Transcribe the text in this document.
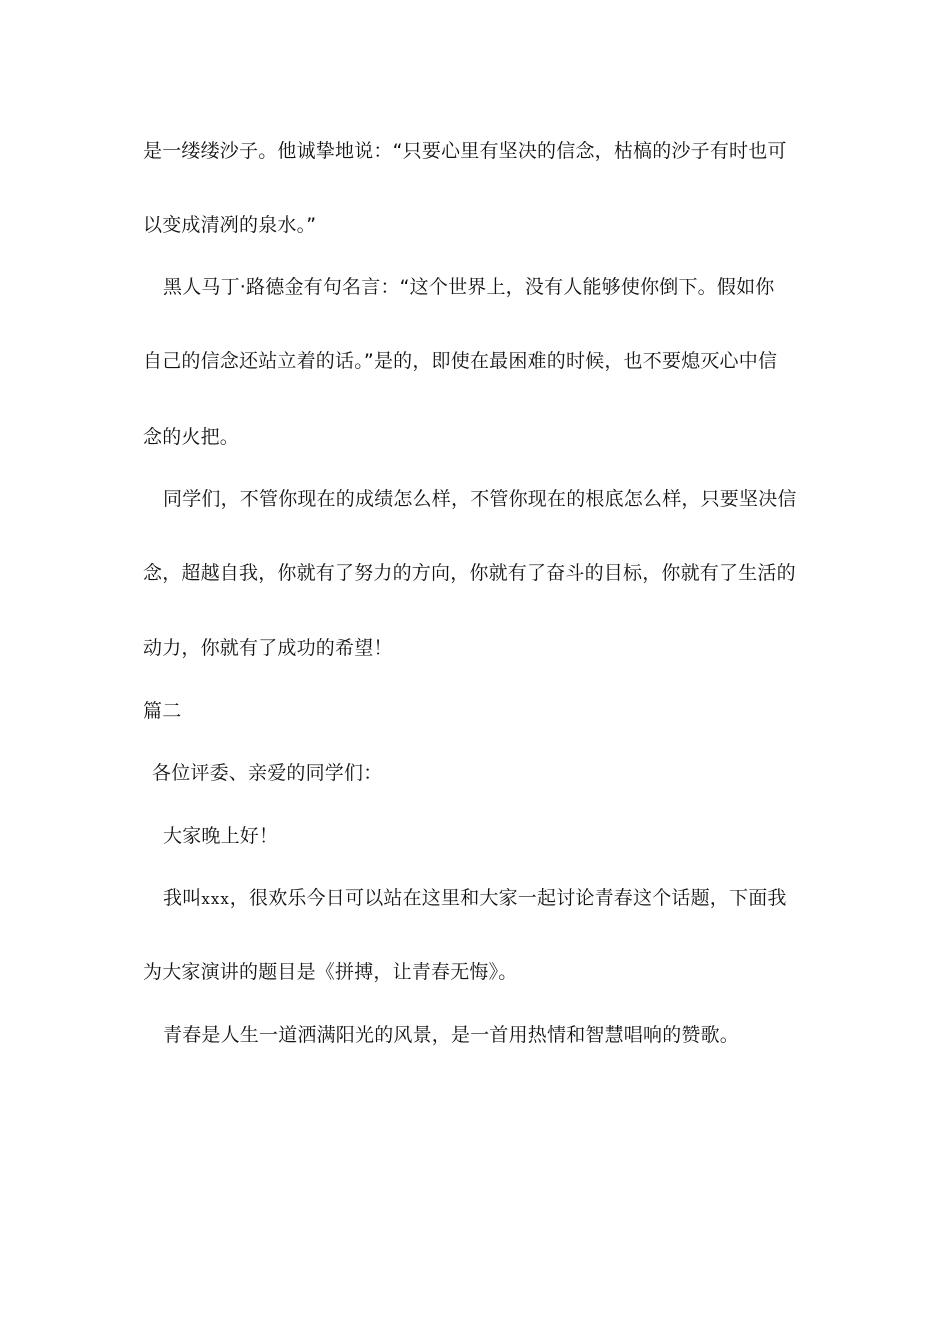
是一缕缕沙子。他诚挚地说：“只要心里有坚决的信念，枯槁的沙子有时也可
以变成清冽的泉水。”
黑人马丁·路德金有句名言：“这个世界上，没有人能够使你倒下。假如你
自己的信念还站立着的话。”是的，即使在最困难的时候，也不要熄灭心中信
念的火把。
同学们，不管你现在的成绩怎么样，不管你现在的根底怎么样，只要坚决信
念，超越自我，你就有了努力的方向，你就有了奋斗的目标，你就有了生活的
动力，你就有了成功的希望！
篇二
各位评委、亲爱的同学们：
大家晚上好！
我叫xxx，很欢乐今日可以站在这里和大家一起讨论青春这个话题，下面我
为大家演讲的题目是《拼搏，让青春无悔》。
青春是人生一道洒满阳光的风景，是一首用热情和智慧唱响的赞歌。
